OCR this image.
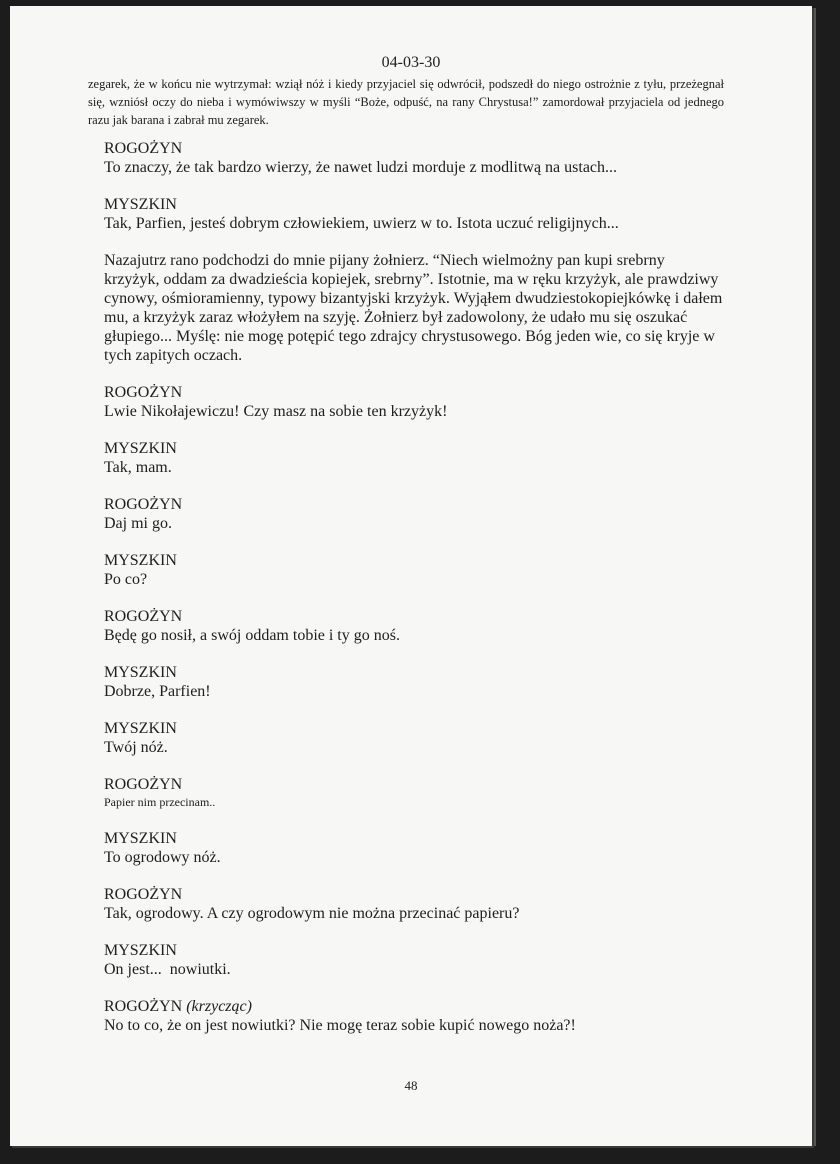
04-03-30
zegarek, że w końcu nie wytrzymał: wziął nóż i kiedy przyjaciel się odwrócił, podszedł do niego ostrożnie z tyłu, przeżegnał się, wzniósł oczy do nieba i wymówiwszy w myśli “Boże, odpuść, na rany Chrystusa!” zamordował przyjaciela od jednego razu jak barana i zabrał mu zegarek.
ROGOŻYN
To znaczy, że tak bardzo wierzy, że nawet ludzi morduje z modlitwą na ustach...
MYSZKIN
Tak, Parfien, jesteś dobrym człowiekiem, uwierz w to. Istota uczuć religijnych...
Nazajutrz rano podchodzi do mnie pijany żołnierz. “Niech wielmożny pan kupi srebrny krzyżyk, oddam za dwadzieścia kopiejek, srebrny”. Istotnie, ma w ręku krzyżyk, ale prawdziwy cynowy, ośmioramienny, typowy bizantyjski krzyżyk. Wyjąłem dwudziestokopiejkówkę i dałem mu, a krzyżyk zaraz włożyłem na szyję. Żołnierz był zadowolony, że udało mu się oszukać głupiego... Myślę: nie mogę potępić tego zdrajcy chrystusowego. Bóg jeden wie, co się kryje w tych zapitych oczach.
ROGOŻYN
Lwie Nikołajewiczu! Czy masz na sobie ten krzyżyk!
MYSZKIN
Tak, mam.
ROGOŻYN
Daj mi go.
MYSZKIN
Po co?
ROGOŻYN
Będę go nosił, a swój oddam tobie i ty go noś.
MYSZKIN
Dobrze, Parfien!
MYSZKIN
Twój nóż.
ROGOŻYN
Papier nim przecinam..
MYSZKIN
To ogrodowy nóż.
ROGOŻYN
Tak, ogrodowy. A czy ogrodowym nie można przecinać papieru?
MYSZKIN
On jest...  nowiutki.
ROGOŻYN (krzycząc)
No to co, że on jest nowiutki? Nie mogę teraz sobie kupić nowego noża?!
48
